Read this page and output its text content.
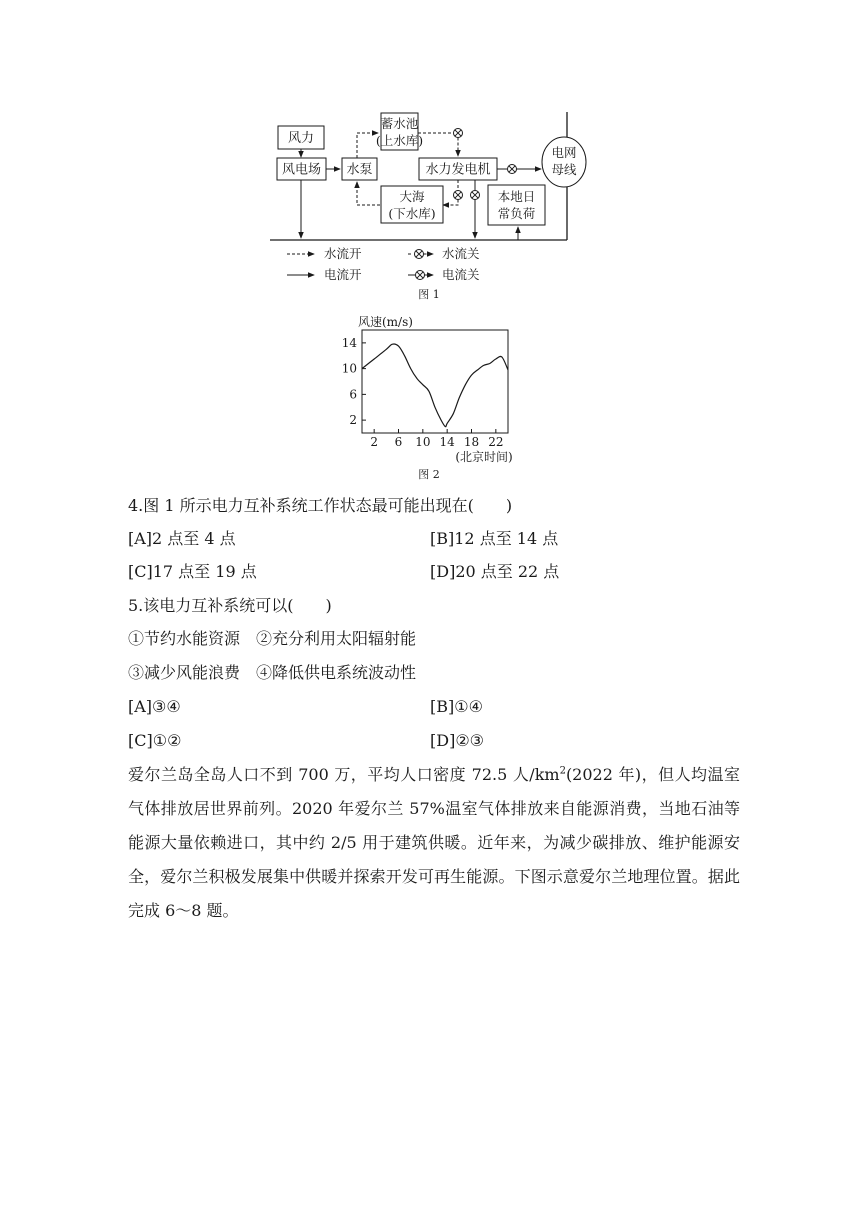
风力
风电场 水泵
蓄水池
(上水库)
水力发电机
大海
(下水库)
本地日
常负荷
电网
母线
水流开	水流关
电流开	电流关
图 1
风速(m/s)
2 6 10 14 18 22
2
6
10
14
(北京时间)
图 2
4.图 1 所示电力互补系统工作状态最可能出现在(　　)
[A]2 点至 4 点	[B]12 点至 14 点
[C]17 点至 19 点	[D]20 点至 22 点
5.该电力互补系统可以(　　)
①节约水能资源　②充分利用太阳辐射能
③减少风能浪费　④降低供电系统波动性
[A]③④	[B]①④
[C]①②	[D]②③
爱尔兰岛全岛人口不到 700 万，平均人口密度 72.5 人$/km^2(2022$ 年)，但人均温室气体排放居世界前列。2020 年爱尔兰 57%温室气体排放来自能源消费，当地石油等能源大量依赖进口，其中约 2/5 用于建筑供暖。近年来，为减少碳排放、维护能源安全，爱尔兰积极发展集中供暖并探索开发可再生能源。下图示意爱尔兰地理位置。据此完成 6～8 题。
